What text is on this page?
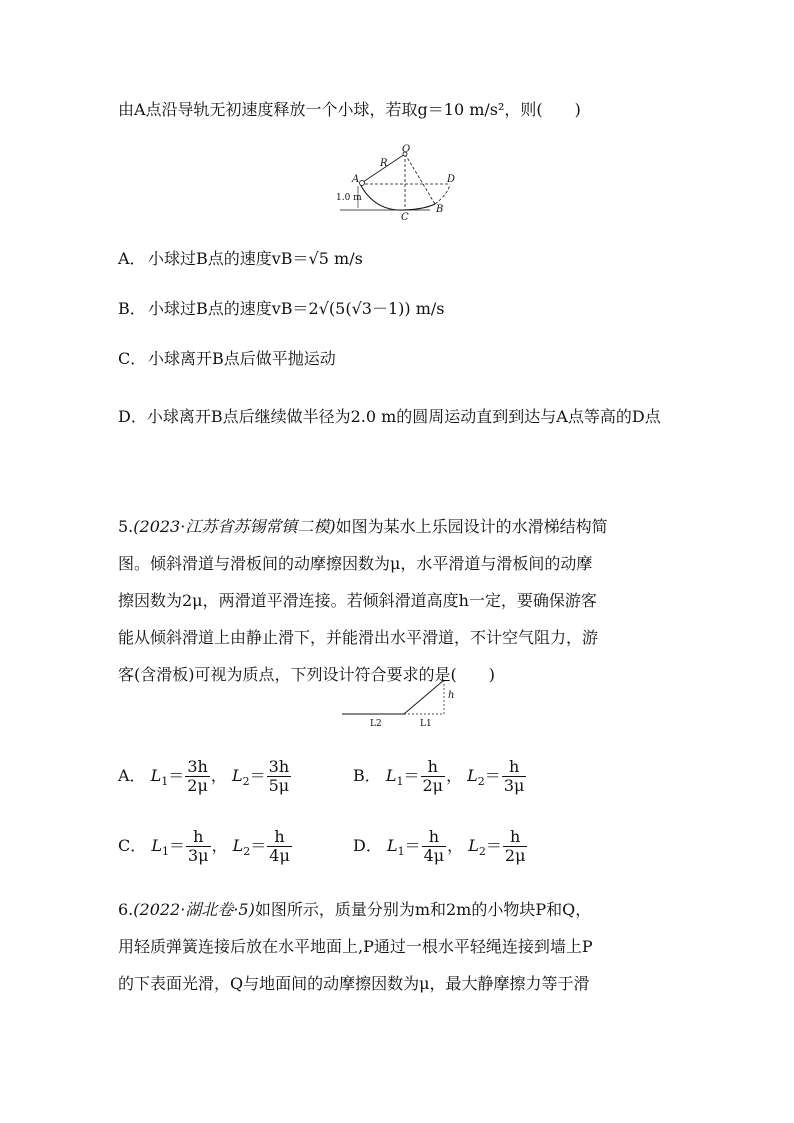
由A点沿导轨无初速度释放一个小球，若取g＝10 m/s²，则(　　)
O
R
A	D
1.0 m
C
B
A． 小球过B点的速度vB＝√5 m/s
B． 小球过B点的速度vB＝2√(5(√3－1)) m/s
C． 小球离开B点后做平抛运动
D．小球离开B点后继续做半径为2.0 m的圆周运动直到到达与A点等高的D点
5.(2023·江苏省苏锡常镇二模)如图为某水上乐园设计的水滑梯结构简
图。倾斜滑道与滑板间的动摩擦因数为μ，水平滑道与滑板间的动摩
擦因数为2μ，两滑道平滑连接。若倾斜滑道高度h一定，要确保游客
能从倾斜滑道上由静止滑下，并能滑出水平滑道，不计空气阻力，游
客(含滑板)可视为质点，下列设计符合要求的是(　　)
h
L2	L1
A． $L_1= \frac{3h}{2\mu}$ ， $L_2= \frac{3h}{5\mu}$	B． $L_1= \frac{h}{2\mu}$ ， $L_2= \frac{h}{3\mu}$
C． $L_1= \frac{h}{3\mu}$ ， $L_2= \frac{h}{4\mu}$	D． $L_1= \frac{h}{4\mu}$ ， $L_2= \frac{h}{2\mu}$
6.(2022·湖北卷·5)如图所示，质量分别为m和2m的小物块P和Q，
用轻质弹簧连接后放在水平地面上,P通过一根水平轻绳连接到墙上P
的下表面光滑，Q与地面间的动摩擦因数为μ，最大静摩擦力等于滑
